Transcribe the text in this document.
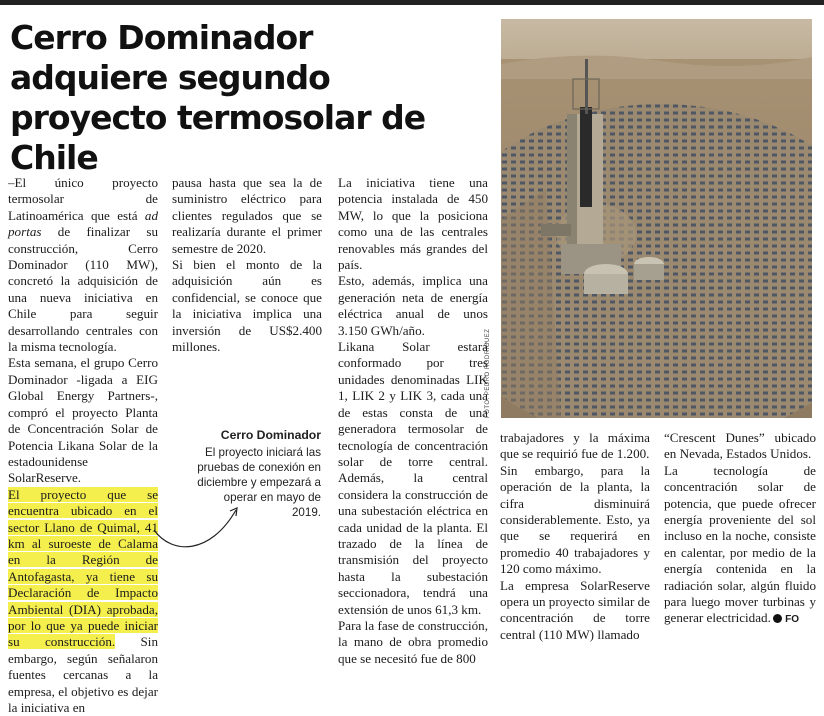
Cerro Dominador adquiere segundo proyecto termosolar de Chile

–El único proyecto termosolar de Latinoamérica que está ad portas de finalizar su construcción, Cerro Dominador (110 MW), concretó la adquisición de una nueva iniciativa en Chile para seguir desarrollando centrales con la misma tecnología.

Esta semana, el grupo Cerro Dominador -ligada a EIG Global Energy Partners-, compró el proyecto Planta de Concentración Solar de Potencia Likana Solar de la estadounidense SolarReserve.

El proyecto que se encuentra ubicado en el sector Llano de Quimal, 41 km al suroeste de Calama en la Región de Antofagasta, ya tiene su Declaración de Impacto Ambiental (DIA) aprobada, por lo que ya puede iniciar su construcción. Sin embargo, según señalaron fuentes cercanas a la empresa, el objetivo es dejar la iniciativa en

pausa hasta que sea la de suministro eléctrico para clientes regulados que se realizaría durante el primer semestre de 2020.

Si bien el monto de la adquisición aún es confidencial, se conoce que la iniciativa implica una inversión de US$2.400 millones.

Cerro Dominador
El proyecto iniciará las pruebas de conexión en diciembre y empezará a operar en mayo de 2019.

La iniciativa tiene una potencia instalada de 450 MW, lo que la posiciona como una de las centrales renovables más grandes del país.

Esto, además, implica una generación neta de energía eléctrica anual de unos 3.150 GWh/año.

Likana Solar estará conformado por tres unidades denominadas LIK 1, LIK 2 y LIK 3, cada una de estas consta de una generadora termosolar de tecnología de concentración solar de torre central. Además, la central considera la construcción de una subestación eléctrica en cada unidad de la planta. El trazado de la línea de transmisión del proyecto hasta la subestación seccionadora, tendrá una extensión de unos 61,3 km.

Para la fase de construcción, la mano de obra promedio que se necesitó fue de 800

FOTO: PEDRO RODRÍGUEZ

trabajadores y la máxima que se requirió fue de 1.200.

Sin embargo, para la operación de la planta, la cifra disminuirá considerablemente. Esto, ya que se requerirá en promedio 40 trabajadores y 120 como máximo.

La empresa SolarReserve opera un proyecto similar de concentración de torre central (110 MW) llamado

“Crescent Dunes” ubicado en Nevada, Estados Unidos.

La tecnología de concentración solar de potencia, que puede ofrecer energía proveniente del sol incluso en la noche, consiste en calentar, por medio de la energía contenida en la radiación solar, algún fluido para luego mover turbinas y generar electricidad. FO
